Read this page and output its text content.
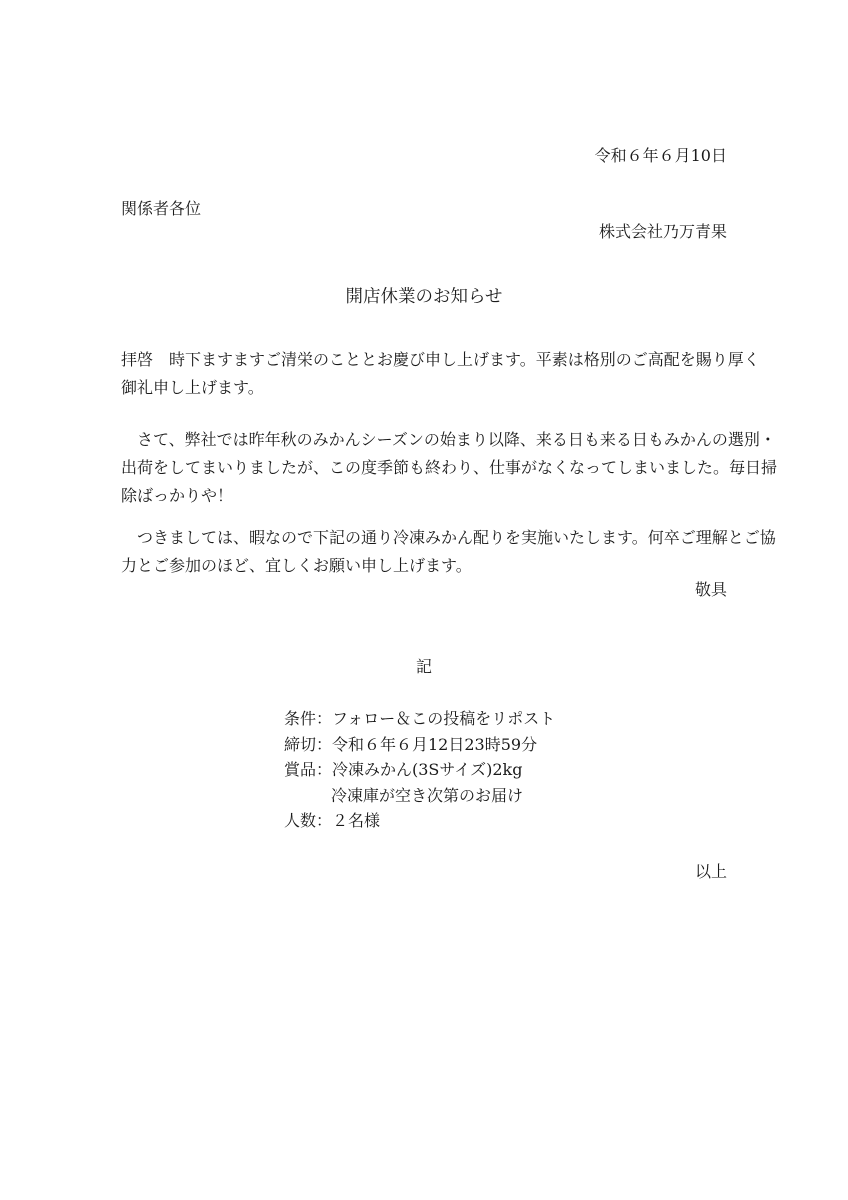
令和６年６月10日
関係者各位
株式会社乃万青果
開店休業のお知らせ
拝啓　時下ますますご清栄のこととお慶び申し上げます。平素は格別のご高配を賜り厚く
御礼申し上げます。
　さて、弊社では昨年秋のみかんシーズンの始まり以降、来る日も来る日もみかんの選別・
出荷をしてまいりましたが、この度季節も終わり、仕事がなくなってしまいました。毎日掃
除ばっかりや！
　つきましては、暇なので下記の通り冷凍みかん配りを実施いたします。何卒ご理解とご協
力とご参加のほど、宜しくお願い申し上げます。
敬具
記
条件：フォロー＆この投稿をリポスト
締切：令和６年６月12日23時59分
賞品：冷凍みかん(3Sサイズ)2kg
冷凍庫が空き次第のお届け
人数：２名様
以上
